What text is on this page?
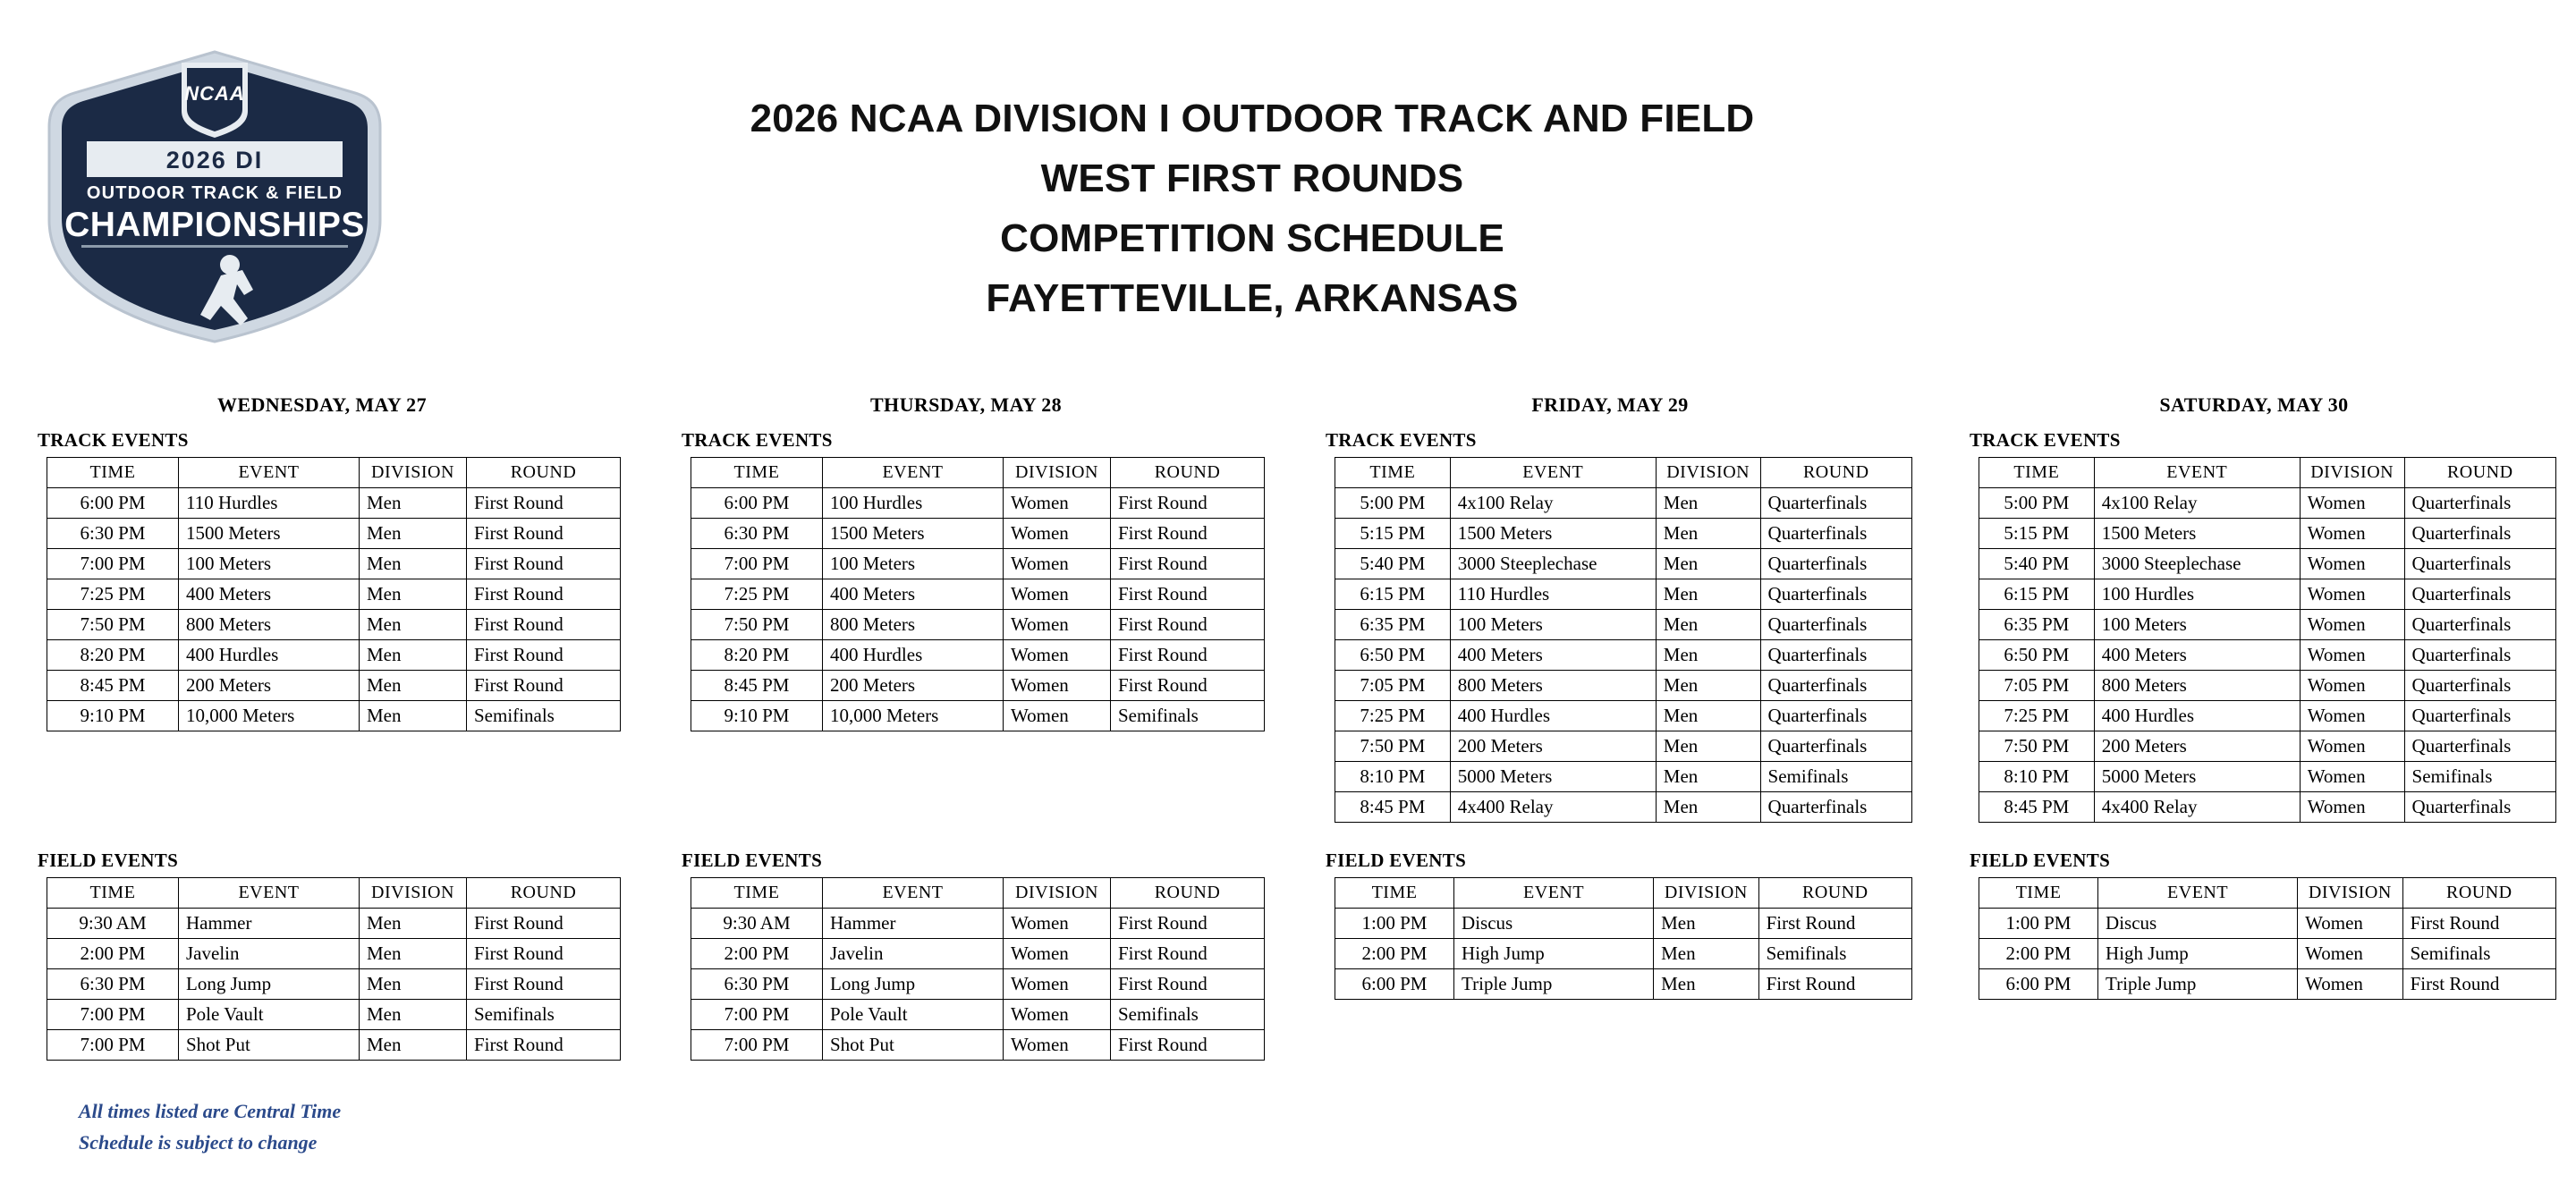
NCAA
2026 DI
OUTDOOR TRACK & FIELD
CHAMPIONSHIPS
2026 NCAA DIVISION I OUTDOOR TRACK AND FIELD
WEST FIRST ROUNDS
COMPETITION SCHEDULE
FAYETTEVILLE, ARKANSAS
WEDNESDAY, MAY 27
TRACK EVENTS
TIME	EVENT	DIVISION	ROUND
6:00 PM	110 Hurdles	Men	First Round
6:30 PM	1500 Meters	Men	First Round
7:00 PM	100 Meters	Men	First Round
7:25 PM	400 Meters	Men	First Round
7:50 PM	800 Meters	Men	First Round
8:20 PM	400 Hurdles	Men	First Round
8:45 PM	200 Meters	Men	First Round
9:10 PM	10,000 Meters	Men	Semifinals
THURSDAY, MAY 28
TRACK EVENTS
TIME	EVENT	DIVISION	ROUND
6:00 PM	100 Hurdles	Women	First Round
6:30 PM	1500 Meters	Women	First Round
7:00 PM	100 Meters	Women	First Round
7:25 PM	400 Meters	Women	First Round
7:50 PM	800 Meters	Women	First Round
8:20 PM	400 Hurdles	Women	First Round
8:45 PM	200 Meters	Women	First Round
9:10 PM	10,000 Meters	Women	Semifinals
FRIDAY, MAY 29
TRACK EVENTS
TIME	EVENT	DIVISION	ROUND
5:00 PM	4x100 Relay	Men	Quarterfinals
5:15 PM	1500 Meters	Men	Quarterfinals
5:40 PM	3000 Steeplechase	Men	Quarterfinals
6:15 PM	110 Hurdles	Men	Quarterfinals
6:35 PM	100 Meters	Men	Quarterfinals
6:50 PM	400 Meters	Men	Quarterfinals
7:05 PM	800 Meters	Men	Quarterfinals
7:25 PM	400 Hurdles	Men	Quarterfinals
7:50 PM	200 Meters	Men	Quarterfinals
8:10 PM	5000 Meters	Men	Semifinals
8:45 PM	4x400 Relay	Men	Quarterfinals
SATURDAY, MAY 30
TRACK EVENTS
TIME	EVENT	DIVISION	ROUND
5:00 PM	4x100 Relay	Women	Quarterfinals
5:15 PM	1500 Meters	Women	Quarterfinals
5:40 PM	3000 Steeplechase	Women	Quarterfinals
6:15 PM	100 Hurdles	Women	Quarterfinals
6:35 PM	100 Meters	Women	Quarterfinals
6:50 PM	400 Meters	Women	Quarterfinals
7:05 PM	800 Meters	Women	Quarterfinals
7:25 PM	400 Hurdles	Women	Quarterfinals
7:50 PM	200 Meters	Women	Quarterfinals
8:10 PM	5000 Meters	Women	Semifinals
8:45 PM	4x400 Relay	Women	Quarterfinals
FIELD EVENTS
TIME	EVENT	DIVISION	ROUND
9:30 AM	Hammer	Men	First Round
2:00 PM	Javelin	Men	First Round
6:30 PM	Long Jump	Men	First Round
7:00 PM	Pole Vault	Men	Semifinals
7:00 PM	Shot Put	Men	First Round
FIELD EVENTS
TIME	EVENT	DIVISION	ROUND
9:30 AM	Hammer	Women	First Round
2:00 PM	Javelin	Women	First Round
6:30 PM	Long Jump	Women	First Round
7:00 PM	Pole Vault	Women	Semifinals
7:00 PM	Shot Put	Women	First Round
FIELD EVENTS
TIME	EVENT	DIVISION	ROUND
1:00 PM	Discus	Men	First Round
2:00 PM	High Jump	Men	Semifinals
6:00 PM	Triple Jump	Men	First Round
FIELD EVENTS
TIME	EVENT	DIVISION	ROUND
1:00 PM	Discus	Women	First Round
2:00 PM	High Jump	Women	Semifinals
6:00 PM	Triple Jump	Women	First Round
All times listed are Central Time
Schedule is subject to change
